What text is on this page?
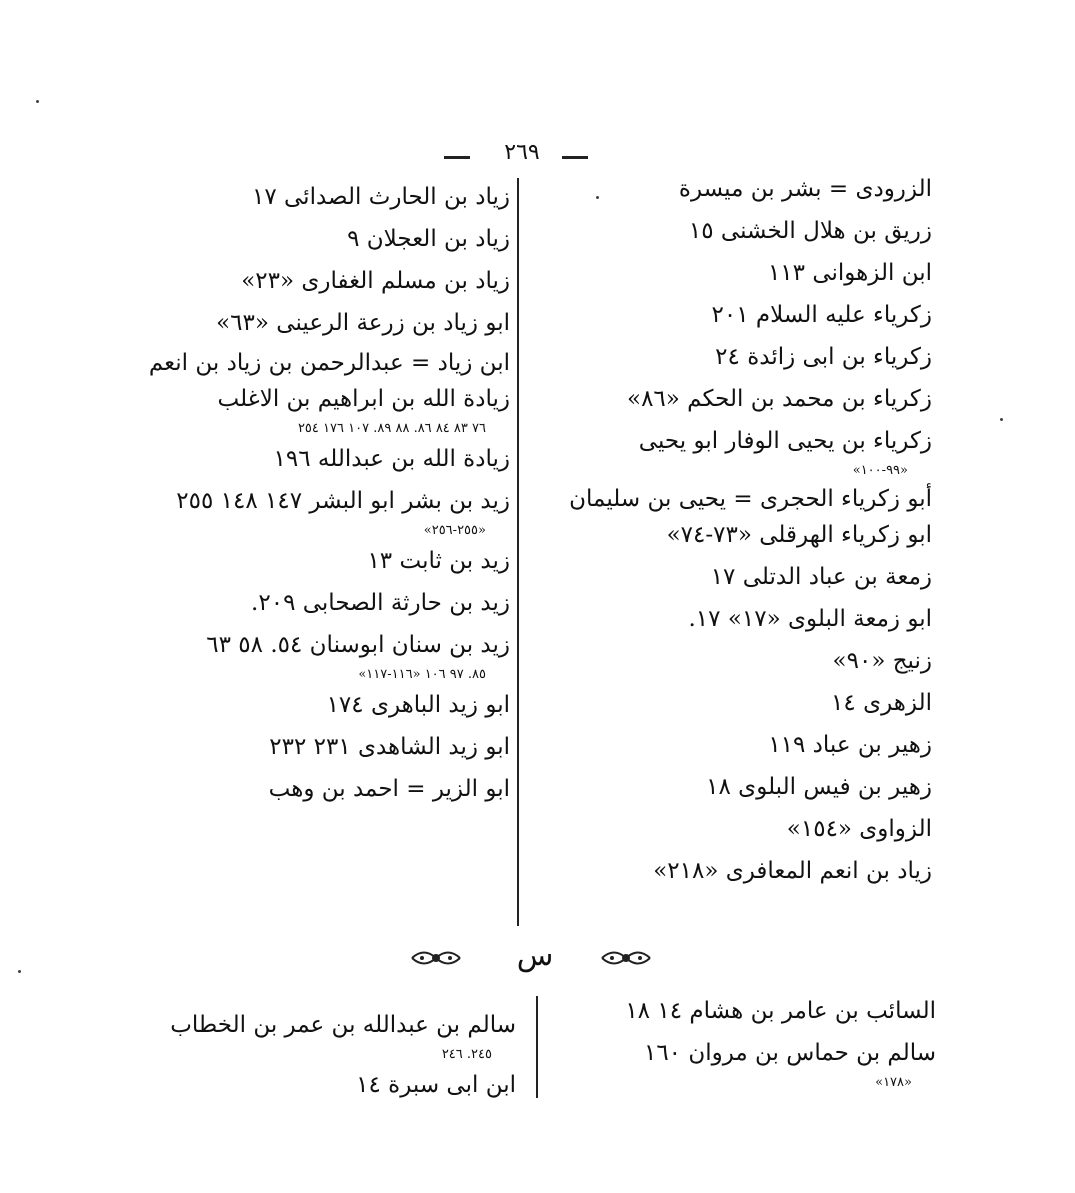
٢٦٩
الزرودى = بشر بن ميسرة
زريق بن هلال الخشنى ١٥
ابن الزهوانى ١١٣
زكرياء عليه السلام ٢٠١
زكرياء بن ابى زائدة ٢٤
زكرياء بن محمد بن الحكم «٨٦»
زكرياء بن يحيى الوفار ابو يحيى
«٩٩-١٠٠»
أبو زكرياء الحجرى = يحيى بن سليمان
ابو زكرياء الهرقلى «٧٣-٧٤»
زمعة بن عباد الدتلى ١٧
ابو زمعة البلوى «١٧» ١٧.
زنيج «٩٠»
الزهرى ١٤
زهير بن عباد ١١٩
زهير بن فيس البلوى ١٨
الزواوى «١٥٤»
زياد بن انعم المعافرى «٢١٨»
زياد بن الحارث الصدائى ١٧
زياد بن العجلان ٩
زياد بن مسلم الغفارى «٢٣»
ابو زياد بن زرعة الرعينى «٦٣»
ابن زياد = عبدالرحمن بن زياد بن انعم
زيادة الله بن ابراهيم بن الاغلب
٧٦ ٨٣ ٨٤ ٨٦. ٨٨ ٨٩. ١٠٧ ١٧٦ ٢٥٤
زيادة الله بن عبدالله ١٩٦
زيد بن بشر ابو البشر ١٤٧ ١٤٨ ٢٥٥
«٢٥٥-٢٥٦»
زيد بن ثابت ١٣
زيد بن حارثة الصحابى ٢٠٩.
زيد بن سنان ابوسنان ٥٤. ٥٨ ٦٣
٨٥. ٩٧ ١٠٦ «١١٦-١١٧»
ابو زيد الباهرى ١٧٤
ابو زيد الشاهدى ٢٣١ ٢٣٢
ابو الزير = احمد بن وهب
س
السائب بن عامر بن هشام ١٤ ١٨
سالم بن حماس بن مروان ١٦٠
«١٧٨»
سالم بن عبدالله بن عمر بن الخطاب
٢٤٥. ٢٤٦
ابن ابى سبرة ١٤
